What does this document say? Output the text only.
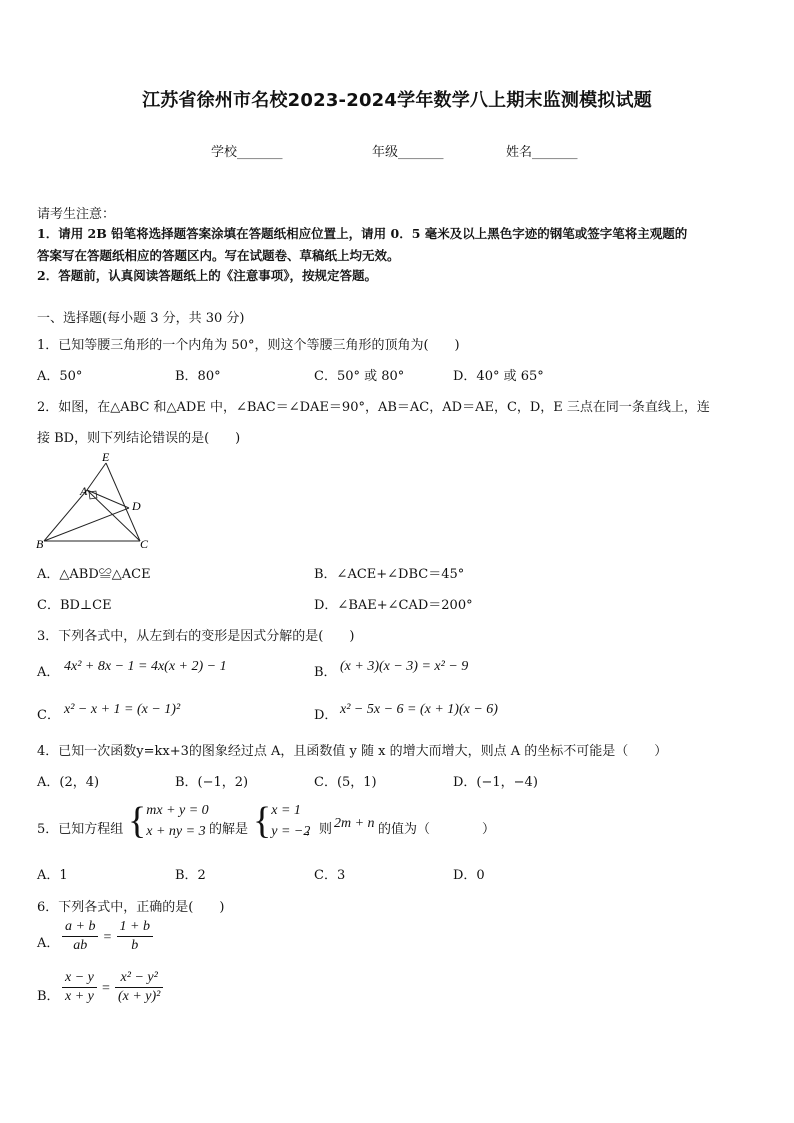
江苏省徐州市名校2023-2024学年数学八上期末监测模拟试题
学校_______	年级_______	姓名_______
请考生注意：
1．请用 2B 铅笔将选择题答案涂填在答题纸相应位置上，请用 0．5 毫米及以上黑色字迹的钢笔或签字笔将主观题的
答案写在答题纸相应的答题区内。写在试题卷、草稿纸上均无效。
2．答题前，认真阅读答题纸上的《注意事项》，按规定答题。
一、选择题(每小题 3 分，共 30 分)
1．已知等腰三角形的一个内角为 50°，则这个等腰三角形的顶角为(　　)
A．50°	B．80°	C．50° 或 80°	D．40° 或 65°
2．如图，在△ABC 和△ADE 中，∠BAC＝∠DAE＝90°，AB＝AC，AD＝AE，C，D，E 三点在同一条直线上，连
接 BD，则下列结论错误的是(　　)
E
A
D
B	C
A．△ABD≌△ACE	B．∠ACE+∠DBC＝45°
C．BD⊥CE	D．∠BAE+∠CAD＝200°
3．下列各式中，从左到右的变形是因式分解的是(　　)
A． 4x² + 8x − 1 = 4x(x + 2) − 1	B． (x + 3)(x − 3) = x² − 9
C． x² − x + 1 = (x − 1)²	D． x² − 5x − 6 = (x + 1)(x − 6)
4．已知一次函数y=kx+3的图象经过点 A，且函数值 y 随 x 的增大而增大，则点 A 的坐标不可能是（　　）
A．(2，4)	B．(−1，2)	C．(5，1)	D．(−1，−4)
5．已知方程组 { mx + y = 0
x + ny = 3 的解是 { x = 1
y = −2
，则 2m + n 的值为（　　　　）
A．1	B．2	C．3	D．0
6．下列各式中，正确的是(　　)
A． $\frac{a + b}{ab} = \frac{1 + b}{b}$
B． $\frac{x - y}{x + y} = \frac{\text{x² − y²}}{\text{(x + y)²}}$
